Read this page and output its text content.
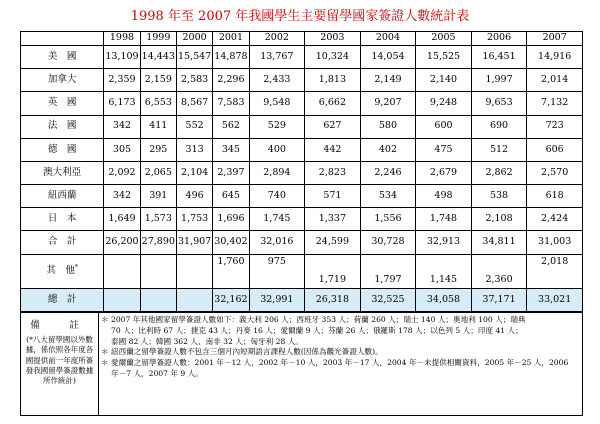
1998 年至 2007 年我國學生主要留學國家簽證人數統計表
	1998	1999	2000	2001	2002	2003	2004	2005	2006	2007
美　國	13,109	14,443	15,547	14,878	13,767	10,324	14,054	15,525	16,451	14,916
加拿大	2,359	2,159	2,583	2,296	2,433	1,813	2,149	2,140	1,997	2,014
英　國	6,173	6,553	8,567	7,583	9,548	6,662	9,207	9,248	9,653	7,132
法　國	342	411	552	562	529	627	580	600	690	723
德　國	305	295	313	345	400	442	402	475	512	606
澳大利亞	2,092	2,065	2,104	2,397	2,894	2,823	2,246	2,679	2,862	2,570
紐西蘭	342	391	496	645	740	571	534	498	538	618
日　本	1,649	1,573	1,753	1,696	1,745	1,337	1,556	1,748	2,108	2,424
合　計	26,200	27,890	31,907	30,402	32,016	24,599	30,728	32,913	34,811	31,003
其　他*				1,760	975	1,719	1,797	1,145	2,360	2,018
總　計				32,162	32,991	26,318	32,525	34,058	37,171	33,021
備　註
(*八大留學國以外數據，係依照各年度各國提供前一年度所簽發我國留學簽證數據所作統計)

＊ 2007 年其他國家留學簽證人數如下：義大利 206 人；西班牙 353 人；荷蘭 260 人；瑞士 140 人；奧地利 100 人；瑞典
　 70 人；比利時 67 人；捷克 43 人；丹麥 16 人；愛爾蘭 9 人；芬蘭 26 人；俄羅斯 178 人；以色列 5 人；印度 41 人；
　 泰國 82 人；韓國 362 人、南非 32 人；匈牙利 28 人。
＊ 紐西蘭之留學簽證人數不包含三個月內短期語言課程人數(因係為觀光簽證人數)。
＊ 愛爾蘭之留學簽證人數：2001 年－12 人，2002 年－10 人，2003 年－17 人，2004 年－未提供相關資料，2005 年－25 人，2006
　 年－7 人，2007 年 9 人。
